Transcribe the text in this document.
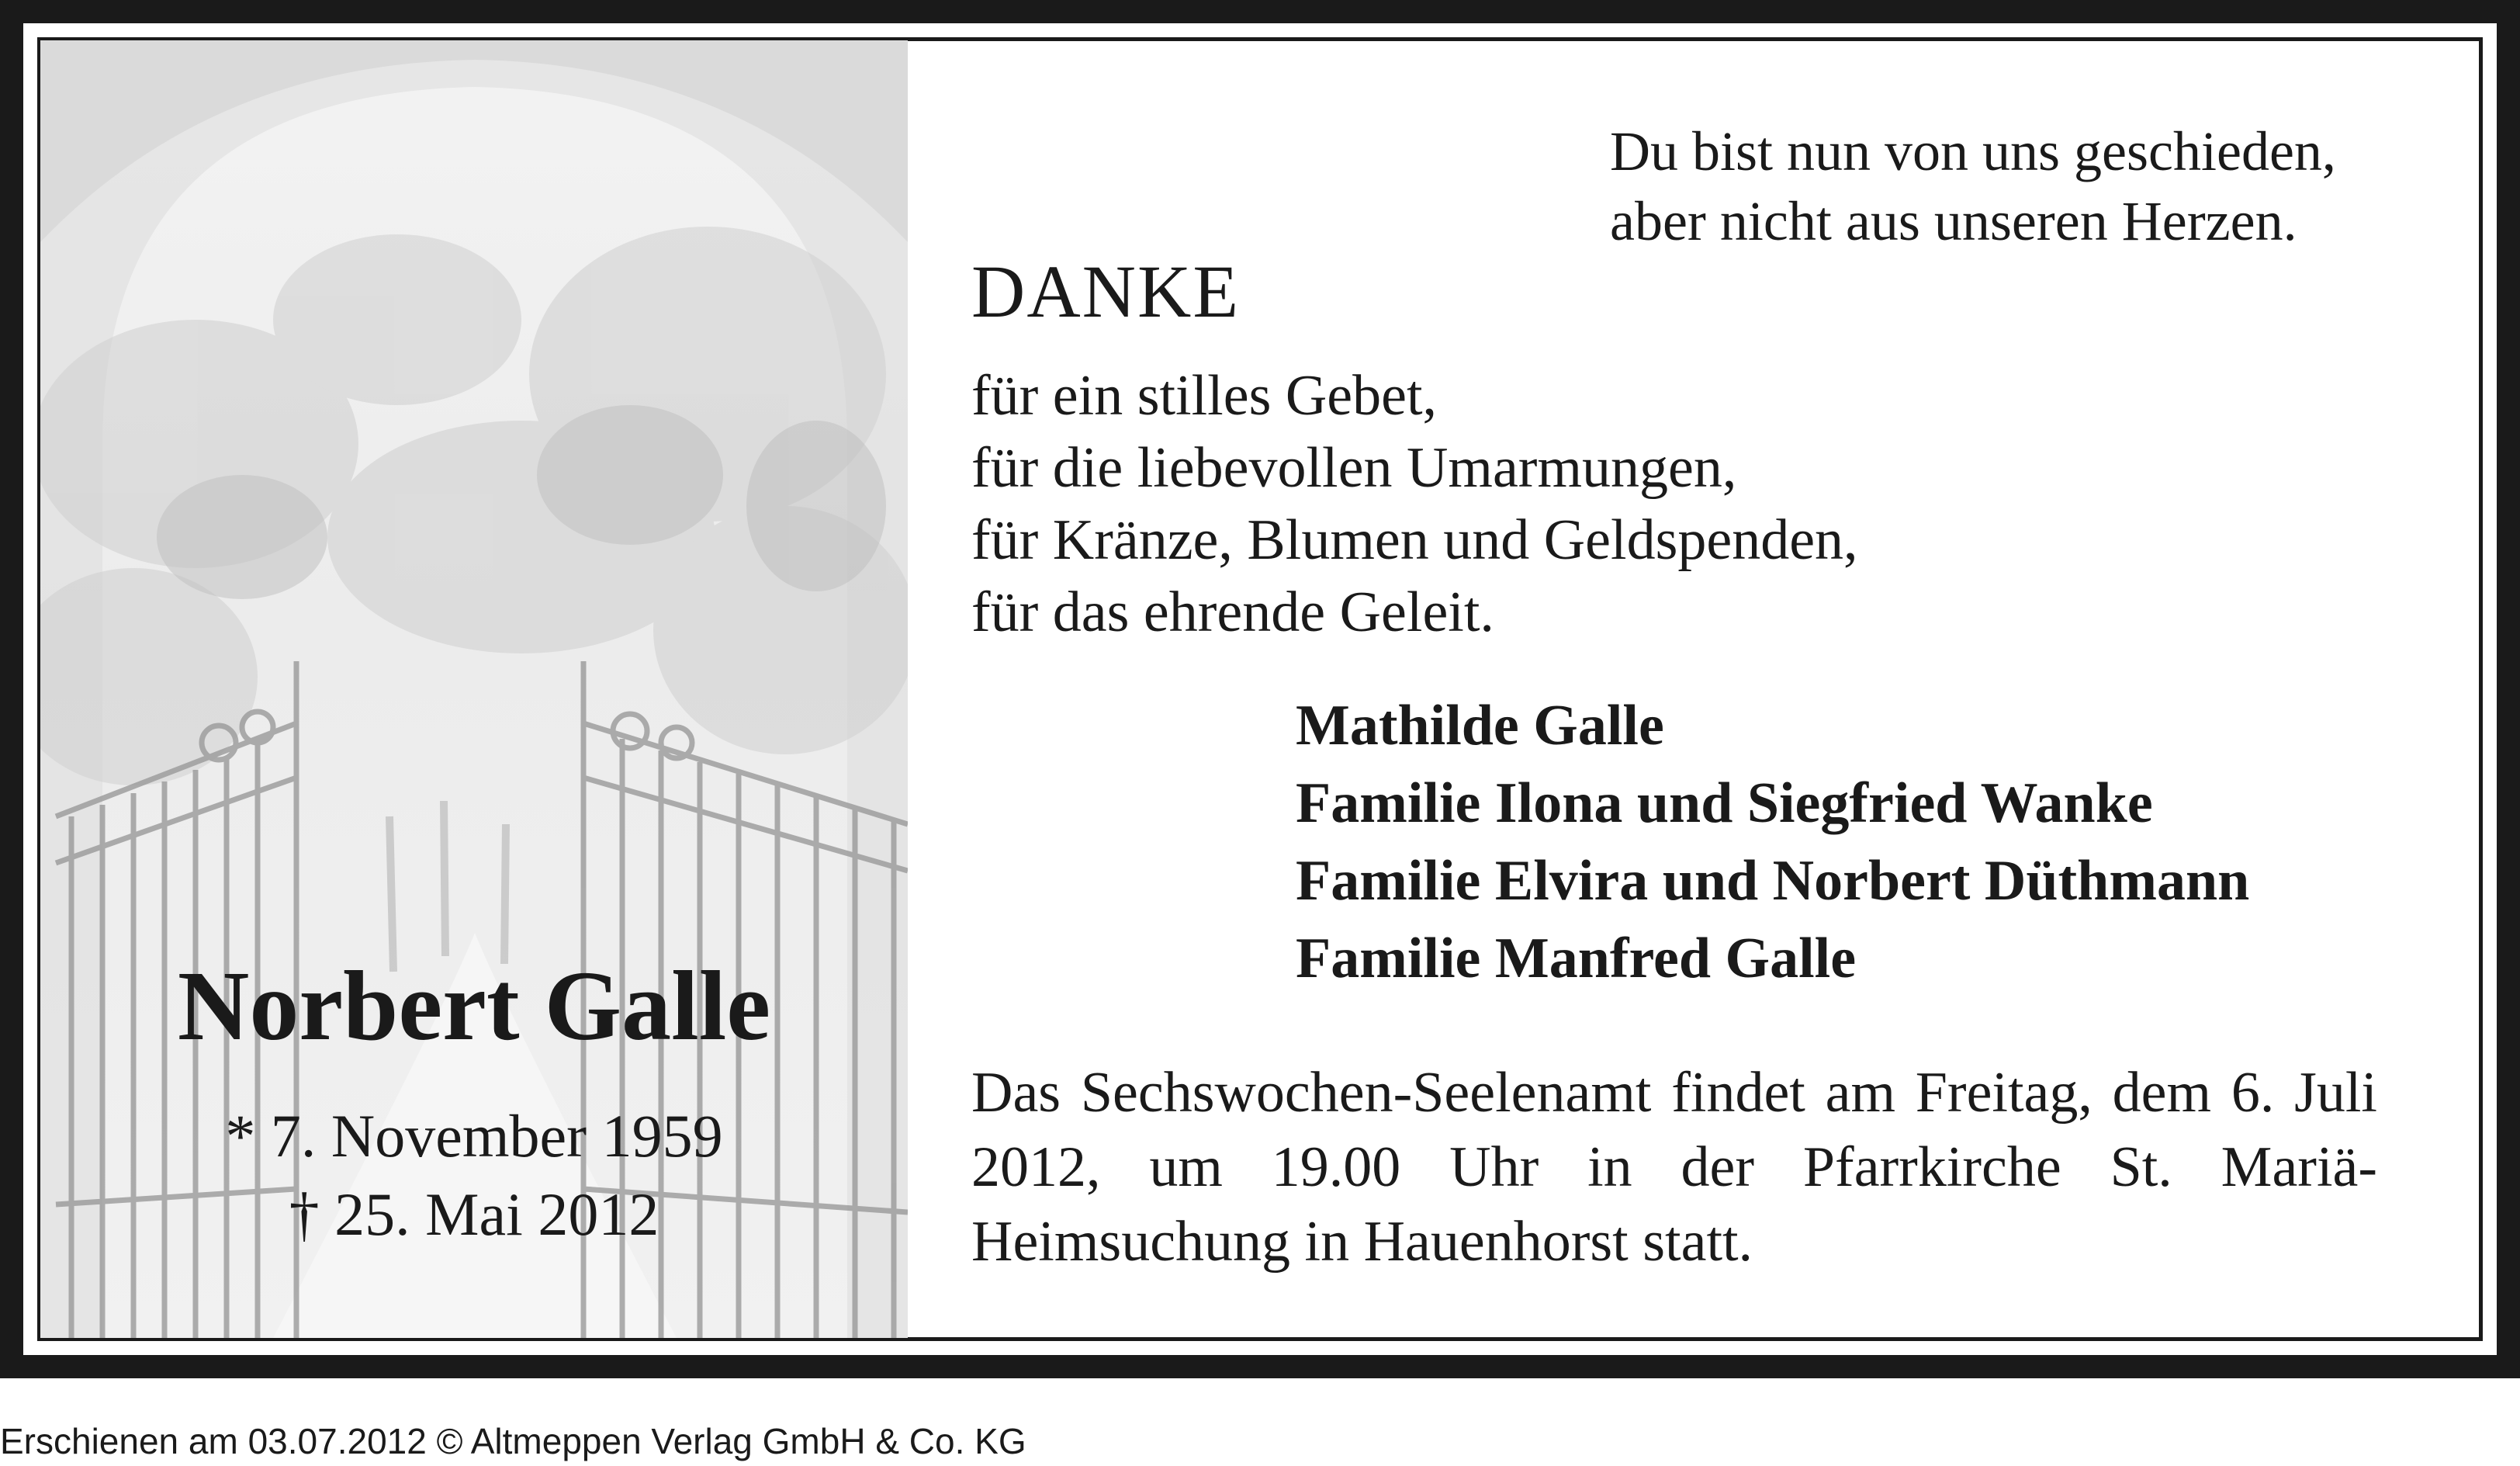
Norbert Galle
* 7. November 1959
† 25. Mai 2012
Du bist nun von uns geschieden,
aber nicht aus unseren Herzen.
DANKE
für ein stilles Gebet,
für die liebevollen Umarmungen,
für Kränze, Blumen und Geldspenden,
für das ehrende Geleit.
Mathilde Galle
Familie Ilona und Siegfried Wanke
Familie Elvira und Norbert Düthmann
Familie Manfred Galle
Das Sechswochen-Seelenamt findet am Freitag, dem 6. Juli 2012, um 19.00 Uhr in der Pfarrkirche St. Mariä-Heimsuchung in Hauenhorst statt.
Erschienen am 03.07.2012 © Altmeppen Verlag GmbH & Co. KG
